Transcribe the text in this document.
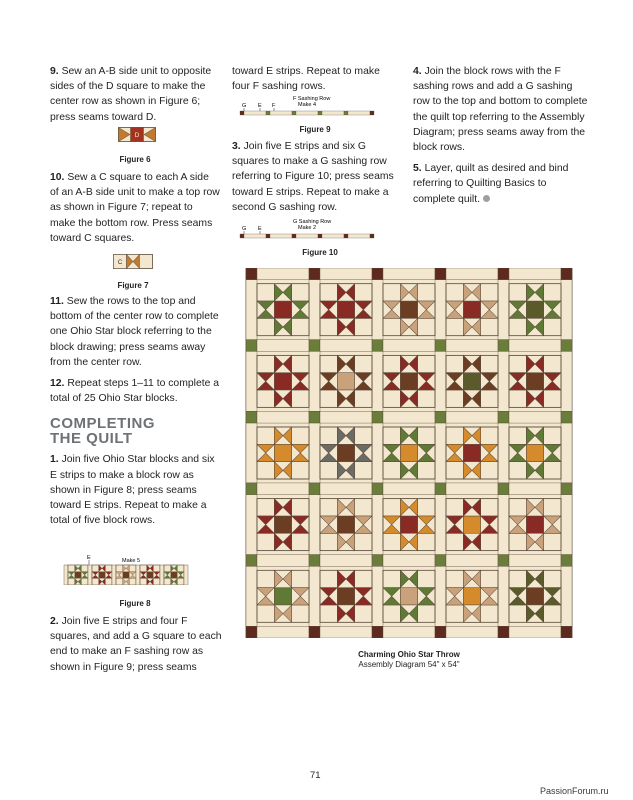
9. Sew an A-B side unit to opposite sides of the D square to make the center row as shown in Figure 6; press seams toward D.

D
Figure 6

10. Sew a C square to each A side of an A-B side unit to make a top row as shown in Figure 7; repeat to make the bottom row. Press seams toward C squares.

C
Figure 7

11. Sew the rows to the top and bottom of the center row to complete one Ohio Star block referring to the block drawing; press seams away from the center row.

12. Repeat steps 1–11 to complete a total of 25 Ohio Star blocks.

COMPLETING THE QUILT

1. Join five Ohio Star blocks and six E strips to make a block row as shown in Figure 8; press seams toward E strips. Repeat to make a total of five block rows.

E	Make 5
Figure 8

2. Join five E strips and four F squares, and add a G square to each end to make an F sashing row as shown in Figure 9; press seams

toward E strips. Repeat to make four F sashing rows.

F Sashing Row
Make 4
G E F
Figure 9

3. Join five E strips and six G squares to make a G sashing row referring to Figure 10; press seams toward E strips. Repeat to make a second G sashing row.

G Sashing Row
Make 2
G E
Figure 10

4. Join the block rows with the F sashing rows and add a G sashing row to the top and bottom to complete the quilt top referring to the Assembly Diagram; press seams away from the block rows.

5. Layer, quilt as desired and bind referring to Quilting Basics to complete quilt.

Charming Ohio Star Throw
Assembly Diagram 54" x 54"
71
PassionForum.ru
